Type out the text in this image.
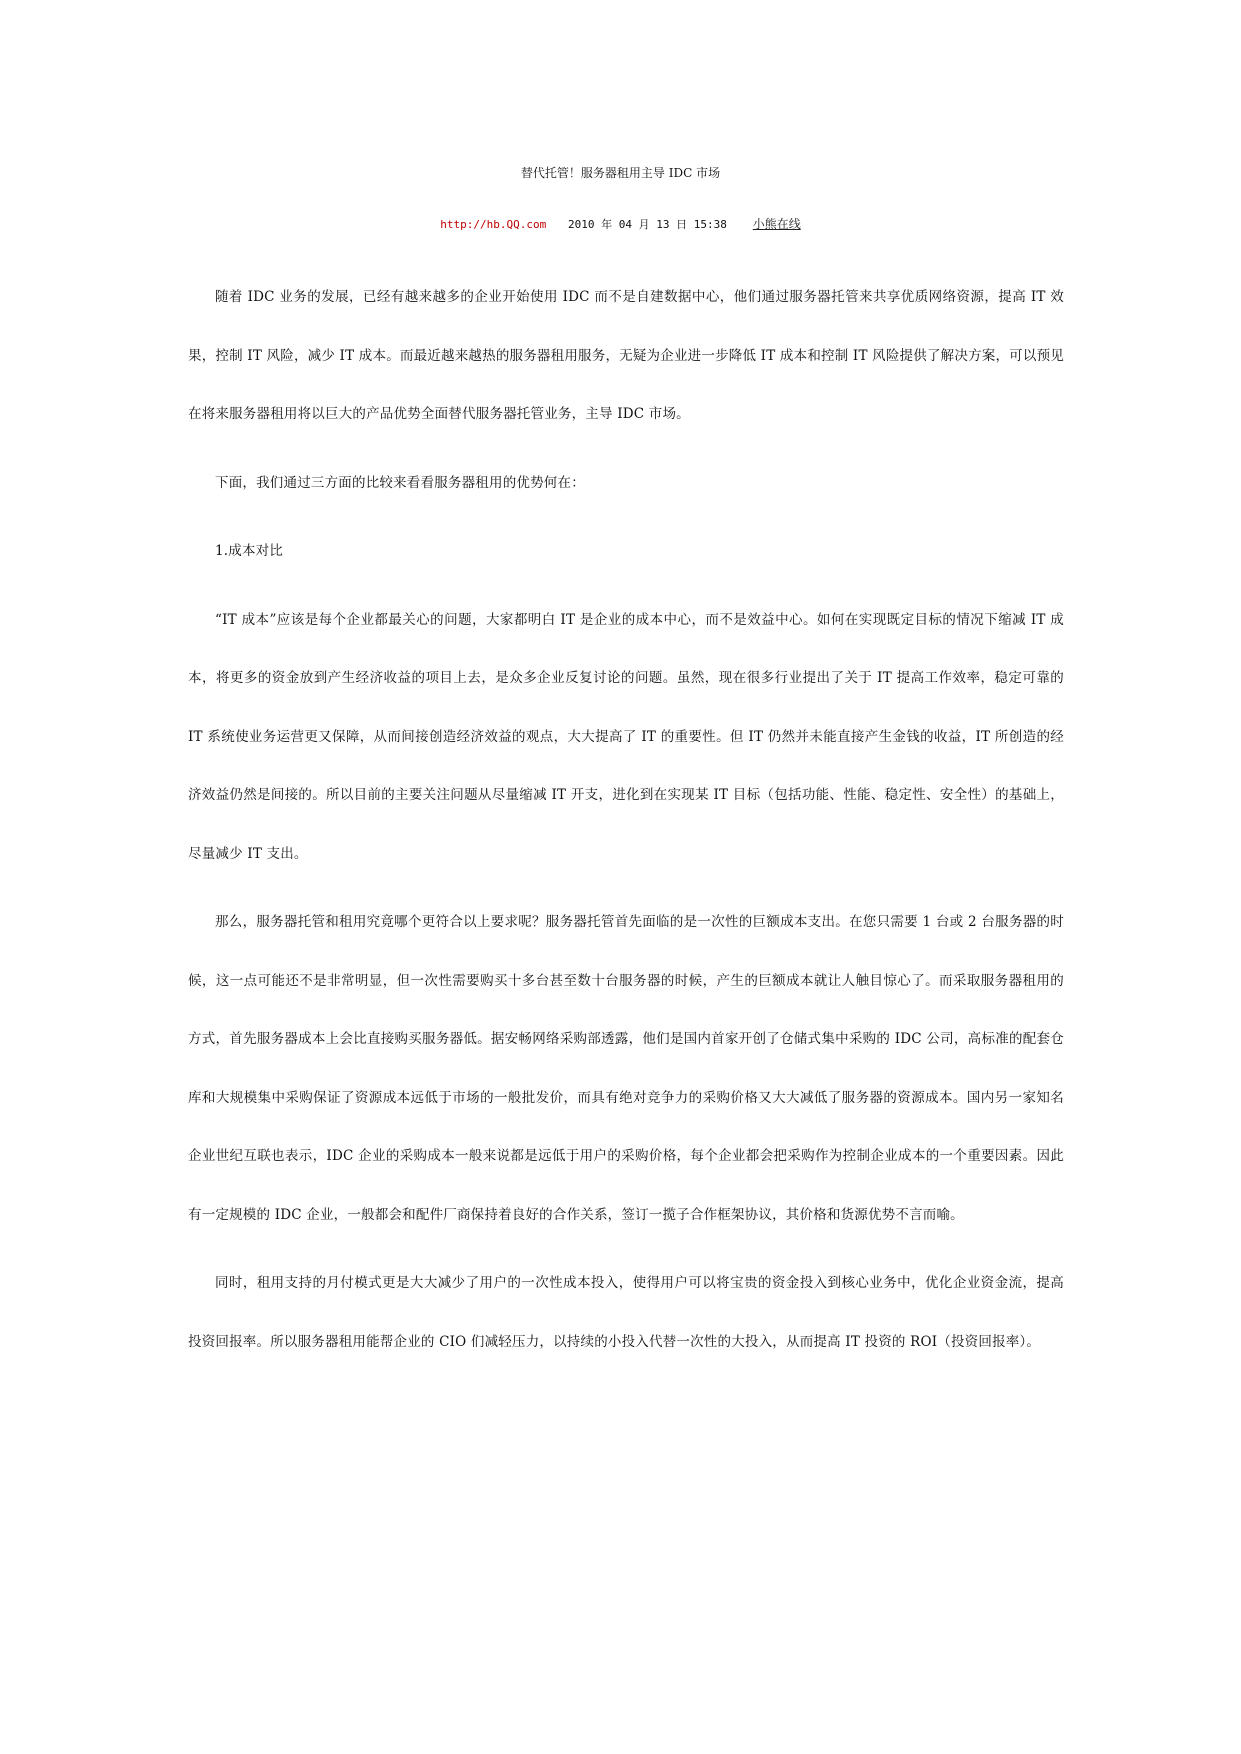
替代托管！服务器租用主导 IDC 市场
http://hb.QQ.com 2010 年 04 月 13 日 15:38 小熊在线

随着 IDC 业务的发展，已经有越来越多的企业开始使用 IDC 而不是自建数据中心，他们通过服务器托管来共享优质网络资源，提高 IT 效果，控制 IT 风险，减少 IT 成本。而最近越来越热的服务器租用服务，无疑为企业进一步降低 IT 成本和控制 IT 风险提供了解决方案，可以预见在将来服务器租用将以巨大的产品优势全面替代服务器托管业务，主导 IDC 市场。

下面，我们通过三方面的比较来看看服务器租用的优势何在：

1.成本对比

“IT 成本”应该是每个企业都最关心的问题，大家都明白 IT 是企业的成本中心，而不是效益中心。如何在实现既定目标的情况下缩减 IT 成本，将更多的资金放到产生经济收益的项目上去，是众多企业反复讨论的问题。虽然，现在很多行业提出了关于 IT 提高工作效率，稳定可靠的 IT 系统使业务运营更又保障，从而间接创造经济效益的观点，大大提高了 IT 的重要性。但 IT 仍然并未能直接产生金钱的收益，IT 所创造的经济效益仍然是间接的。所以目前的主要关注问题从尽量缩减 IT 开支，进化到在实现某 IT 目标（包括功能、性能、稳定性、安全性）的基础上，尽量减少 IT 支出。

那么，服务器托管和租用究竟哪个更符合以上要求呢？服务器托管首先面临的是一次性的巨额成本支出。在您只需要 1 台或 2 台服务器的时候，这一点可能还不是非常明显，但一次性需要购买十多台甚至数十台服务器的时候，产生的巨额成本就让人触目惊心了。而采取服务器租用的方式，首先服务器成本上会比直接购买服务器低。据安畅网络采购部透露，他们是国内首家开创了仓储式集中采购的 IDC 公司，高标准的配套仓库和大规模集中采购保证了资源成本远低于市场的一般批发价，而具有绝对竞争力的采购价格又大大减低了服务器的资源成本。国内另一家知名企业世纪互联也表示，IDC 企业的采购成本一般来说都是远低于用户的采购价格，每个企业都会把采购作为控制企业成本的一个重要因素。因此有一定规模的 IDC 企业，一般都会和配件厂商保持着良好的合作关系，签订一揽子合作框架协议，其价格和货源优势不言而喻。

同时，租用支持的月付模式更是大大减少了用户的一次性成本投入，使得用户可以将宝贵的资金投入到核心业务中，优化企业资金流，提高投资回报率。所以服务器租用能帮企业的 CIO 们减轻压力，以持续的小投入代替一次性的大投入，从而提高 IT 投资的 ROI（投资回报率）。
